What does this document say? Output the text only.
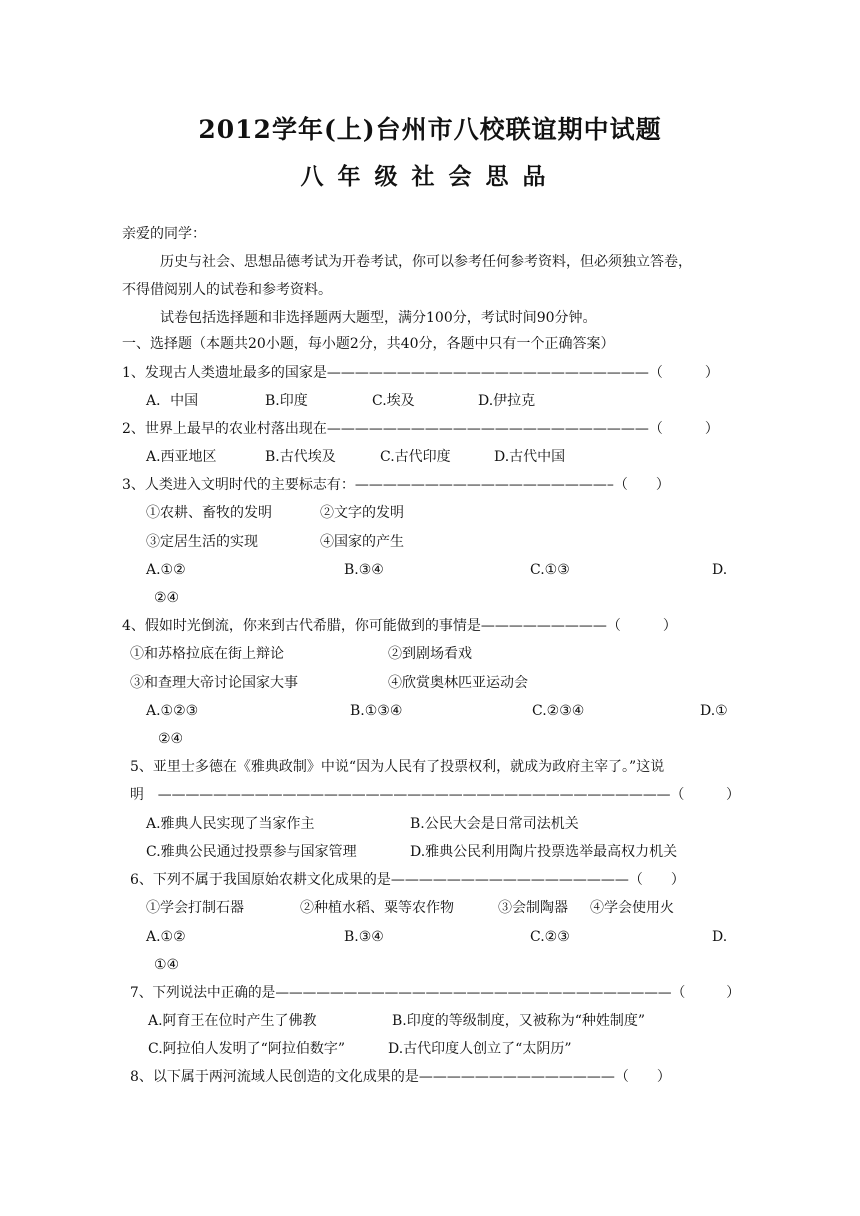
2012学年(上)台州市八校联谊期中试题
八年级社会思品
亲爱的同学：
历史与社会、思想品德考试为开卷考试，你可以参考任何参考资料，但必须独立答卷，
不得借阅别人的试卷和参考资料。
试卷包括选择题和非选择题两大题型，满分100分，考试时间90分钟。
一、选择题（本题共20小题，每小题2分，共40分，各题中只有一个正确答案）
1、发现古人类遗址最多的国家是———————————————————————（　　　）
A．中国	B.印度	C.埃及	D.伊拉克
2、世界上最早的农业村落出现在———————————————————————（　　　）
A.西亚地区	B.古代埃及	C.古代印度	D.古代中国
3、人类进入文明时代的主要标志有：——————————————————–（　　）
①农耕、畜牧的发明	②文字的发明
③定居生活的实现	④国家的产生
A.①②	B.③④	C.①③	D.
②④
4、假如时光倒流，你来到古代希腊，你可能做到的事情是—————————（　　　）
①和苏格拉底在街上辩论	②到剧场看戏
③和查理大帝讨论国家大事	④欣赏奥林匹亚运动会
A.①②③	B.①③④	C.②③④	D.①
②④
5、亚里士多德在《雅典政制》中说“因为人民有了投票权利，就成为政府主宰了。”这说
明　—————————————————————————————————————（　　　）
A.雅典人民实现了当家作主	B.公民大会是日常司法机关
C.雅典公民通过投票参与国家管理	D.雅典公民利用陶片投票选举最高权力机关
6、下列不属于我国原始农耕文化成果的是—————————————————（　　）
①学会打制石器	②种植水稻、粟等农作物	③会制陶器 ④学会使用火
A.①②	B.③④	C.②③	D.
①④
7、下列说法中正确的是—————————————————————————————（　　　）
A.阿育王在位时产生了佛教	B.印度的等级制度，又被称为“种姓制度”
C.阿拉伯人发明了“阿拉伯数字”	D.古代印度人创立了“太阴历”
8、以下属于两河流域人民创造的文化成果的是——————————————（　　）
